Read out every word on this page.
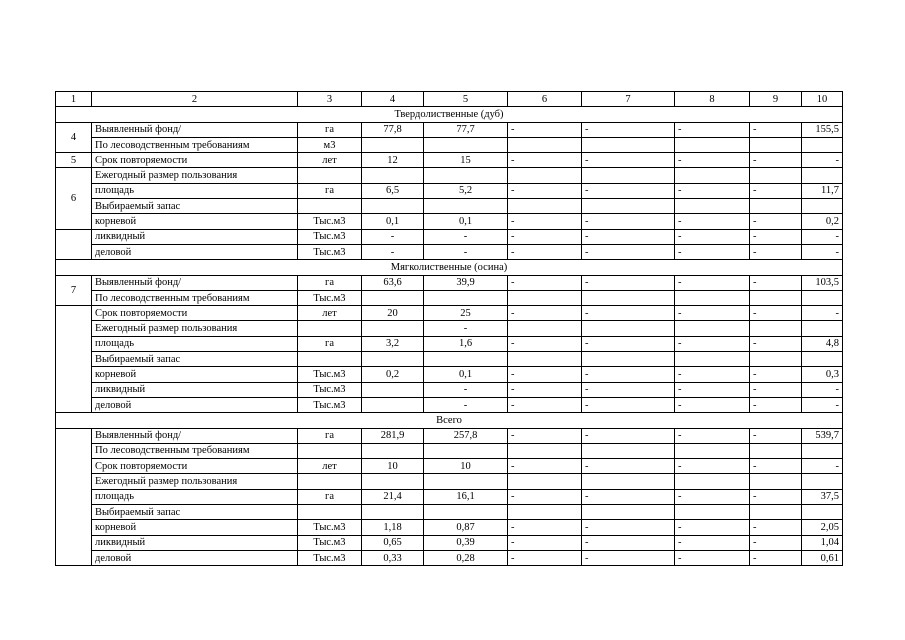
1	2	3	4	5	6	7	8	9	10
Твердолиственные (дуб)									
4	Выявленный фонд/	га	77,8	77,7	-	-	-	-	155,5
	По лесоводственным требованиям	м3							
5	Срок повторяемости	лет	12	15	-	-	-	-	-
6	Ежегодный размер пользования								
	площадь	га	6,5	5,2	-	-	-	-	11,7
	Выбираемый запас								
	корневой	Тыс.м3	0,1	0,1	-	-	-	-	0,2
	ликвидный	Тыс.м3	-	-	-	-	-	-	-
	деловой	Тыс.м3	-	-	-	-	-	-	-
Мягколиственные (осина)									
7	Выявленный фонд/	га	63,6	39,9	-	-	-	-	103,5
	По лесоводственным требованиям	Тыс.м3							
	Срок повторяемости	лет	20	25	-	-	-	-	-
	Ежегодный размер пользования			-					
	площадь	га	3,2	1,6	-	-	-	-	4,8
	Выбираемый запас								
	корневой	Тыс.м3	0,2	0,1	-	-	-	-	0,3
	ликвидный	Тыс.м3		-	-	-	-	-	-
	деловой	Тыс.м3		-	-	-	-	-	-
Всего									
	Выявленный фонд/	га	281,9	257,8	-	-	-	-	539,7
	По лесоводственным требованиям								
	Срок повторяемости	лет	10	10	-	-	-	-	-
	Ежегодный размер пользования								
	площадь	га	21,4	16,1	-	-	-	-	37,5
	Выбираемый запас								
	корневой	Тыс.м3	1,18	0,87	-	-	-	-	2,05
	ликвидный	Тыс.м3	0,65	0,39	-	-	-	-	1,04
	деловой	Тыс.м3	0,33	0,28	-	-	-	-	0,61
